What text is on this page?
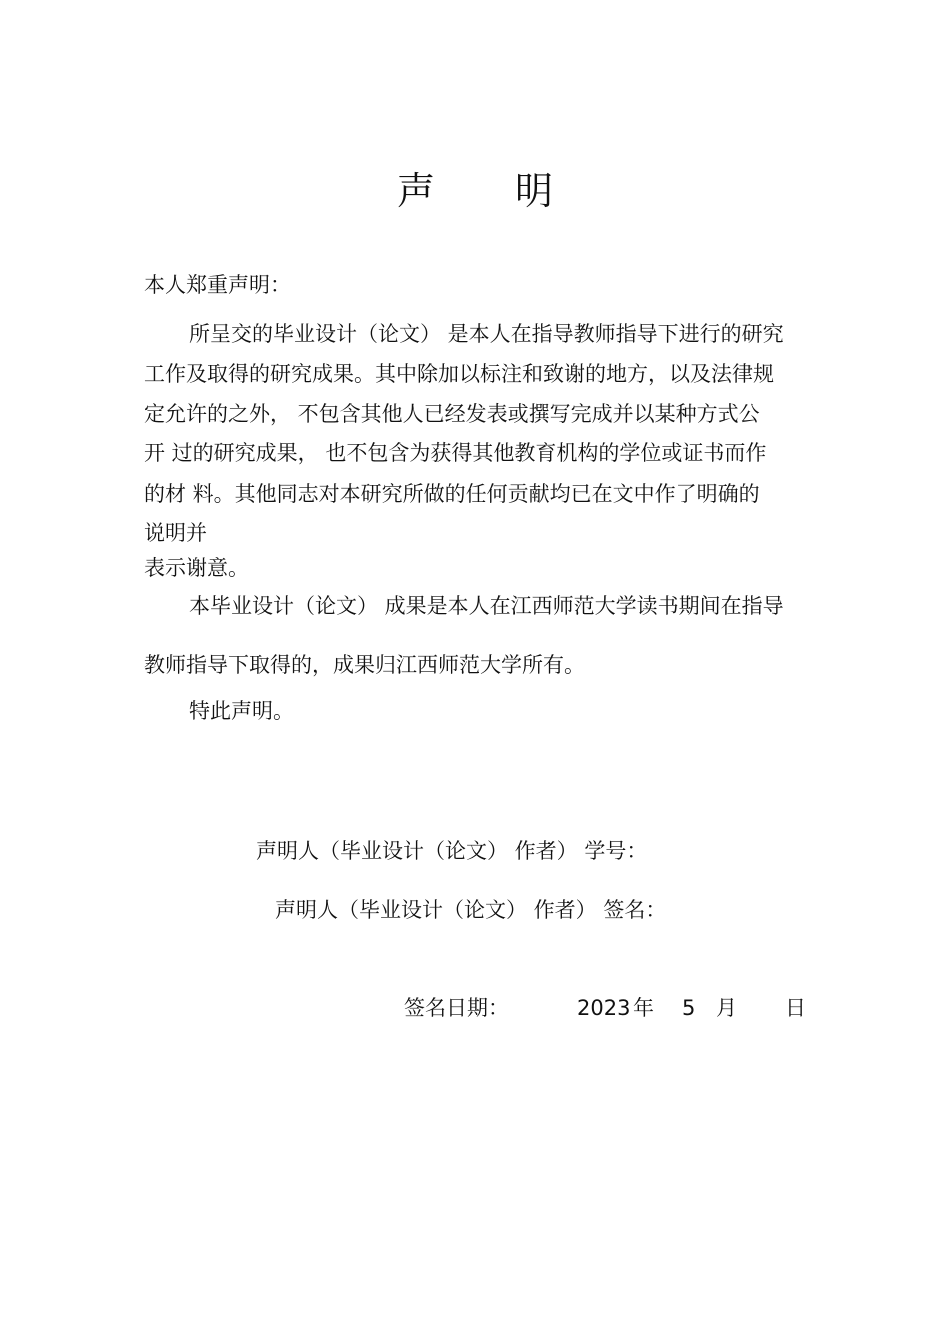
声 明
本人郑重声明：
所呈交的毕业设计（论文） 是本人在指导教师指导下进行的研究
工作及取得的研究成果。其中除加以标注和致谢的地方，以及法律规
定允许的之外， 不包含其他人已经发表或撰写完成并以某种方式公
开 过的研究成果， 也不包含为获得其他教育机构的学位或证书而作
的材 料。其他同志对本研究所做的任何贡献均已在文中作了明确的
说明并
表示谢意。
本毕业设计（论文） 成果是本人在江西师范大学读书期间在指导
教师指导下取得的，成果归江西师范大学所有。
特此声明。
声明人（毕业设计（论文） 作者） 学号：
声明人（毕业设计（论文） 作者） 签名：
签名日期：	2023 年 5 月 日
